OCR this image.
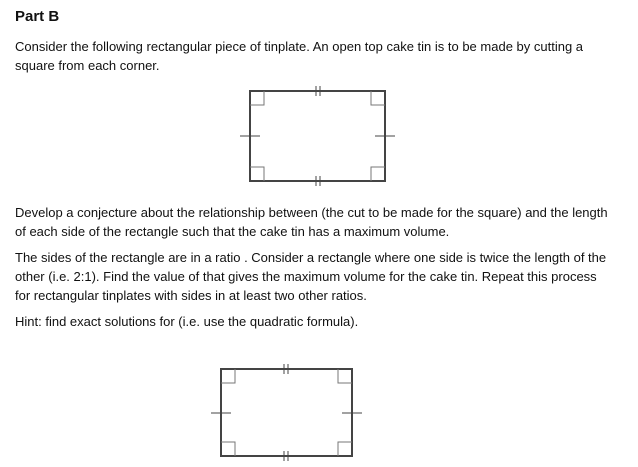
Part B

Consider the following rectangular piece of tinplate. An open top cake tin is to be made by cutting a square from each corner.

Develop a conjecture about the relationship between (the cut to be made for the square) and the length of each side of the rectangle such that the cake tin has a maximum volume.

The sides of the rectangle are in a ratio . Consider a rectangle where one side is twice the length of the other (i.e. 2:1). Find the value of that gives the maximum volume for the cake tin. Repeat this process for rectangular tinplates with sides in at least two other ratios.

Hint: find exact solutions for (i.e. use the quadratic formula).
